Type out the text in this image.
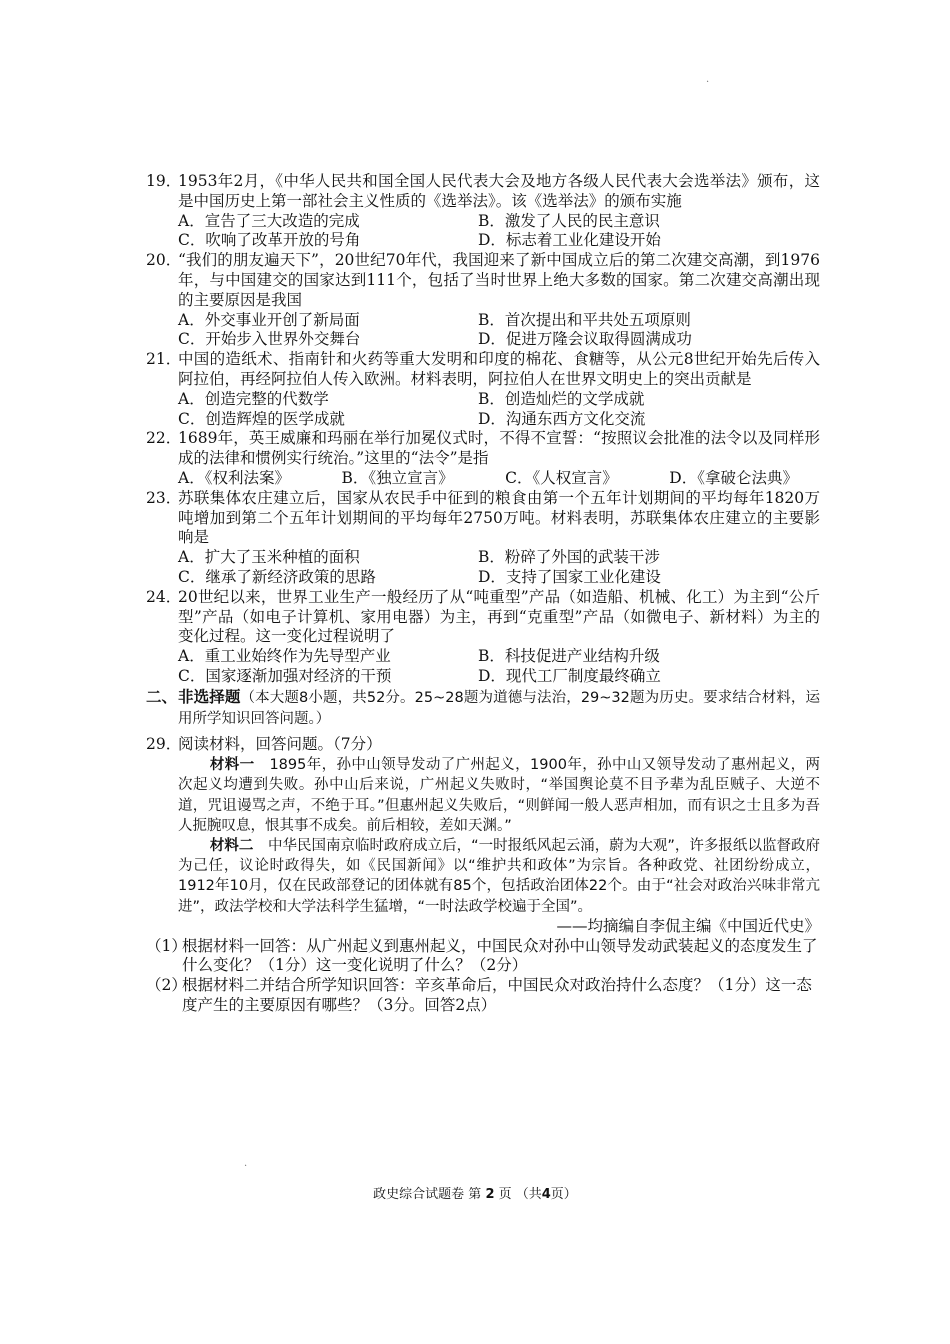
.
.
19．

1953年2月，《中华人民共和国全国人民代表大会及地方各级人民代表大会选举法》颁布，这是中国历史上第一部社会主义性质的《选举法》。该《选举法》的颁布实施

A．宣告了三大改造的完成	B．激发了人民的民主意识
C．吹响了改革开放的号角	D．标志着工业化建设开始
20．

“我们的朋友遍天下”，20世纪70年代，我国迎来了新中国成立后的第二次建交高潮，到1976年，与中国建交的国家达到111个，包括了当时世界上绝大多数的国家。第二次建交高潮出现的主要原因是我国

A．外交事业开创了新局面	B．首次提出和平共处五项原则
C．开始步入世界外交舞台	D．促进万隆会议取得圆满成功
21．

中国的造纸术、指南针和火药等重大发明和印度的棉花、食糖等，从公元8世纪开始先后传入阿拉伯，再经阿拉伯人传入欧洲。材料表明，阿拉伯人在世界文明史上的突出贡献是

A．创造完整的代数学	B．创造灿烂的文学成就
C．创造辉煌的医学成就	D．沟通东西方文化交流
22．

1689年，英王威廉和玛丽在举行加冕仪式时，不得不宣誓：“按照议会批准的法令以及同样形成的法律和惯例实行统治。”这里的“法令”是指

A．《权利法案》	B．《独立宣言》	C．《人权宣言》	D．《拿破仑法典》
23．

苏联集体农庄建立后，国家从农民手中征到的粮食由第一个五年计划期间的平均每年1820万吨增加到第二个五年计划期间的平均每年2750万吨。材料表明，苏联集体农庄建立的主要影响是

A．扩大了玉米种植的面积	B．粉碎了外国的武装干涉
C．继承了新经济政策的思路	D．支持了国家工业化建设
24．

20世纪以来，世界工业生产一般经历了从“吨重型”产品（如造船、机械、化工）为主到“公斤型”产品（如电子计算机、家用电器）为主，再到“克重型”产品（如微电子、新材料）为主的变化过程。这一变化过程说明了

A．重工业始终作为先导型产业	B．科技促进产业结构升级
C．国家逐渐加强对经济的干预	D．现代工厂制度最终确立
二、 非选择题（本大题8小题，共52分。25~28题为道德与法治，29~32题为历史。要求结合材料，运用所学知识回答问题。）

29．

阅读材料，回答问题。（7分）

材料一　1895年，孙中山领导发动了广州起义，1900年，孙中山又领导发动了惠州起义，两次起义均遭到失败。孙中山后来说，广州起义失败时，“举国舆论莫不目予辈为乱臣贼子、大逆不道，咒诅谩骂之声，不绝于耳。”但惠州起义失败后，“则鲜闻一般人恶声相加，而有识之士且多为吾人扼腕叹息，恨其事不成矣。前后相较，差如天渊。”

材料二　中华民国南京临时政府成立后，“一时报纸风起云涌，蔚为大观”，许多报纸以监督政府为己任，议论时政得失，如《民国新闻》以“维护共和政体”为宗旨。各种政党、社团纷纷成立，1912年10月，仅在民政部登记的团体就有85个，包括政治团体22个。由于“社会对政治兴味非常亢进”，政法学校和大学法科学生猛增，“一时法政学校遍于全国”。

——均摘编自李侃主编《中国近代史》
（1）
根据材料一回答：从广州起义到惠州起义，中国民众对孙中山领导发动武装起义的态度发生了什么变化？（1分）这一变化说明了什么？（2分）
（2）
根据材料二并结合所学知识回答：辛亥革命后，中国民众对政治持什么态度？（1分）这一态度产生的主要原因有哪些？（3分。回答2点）
政史综合试题卷 第 2 页 （共4页）
